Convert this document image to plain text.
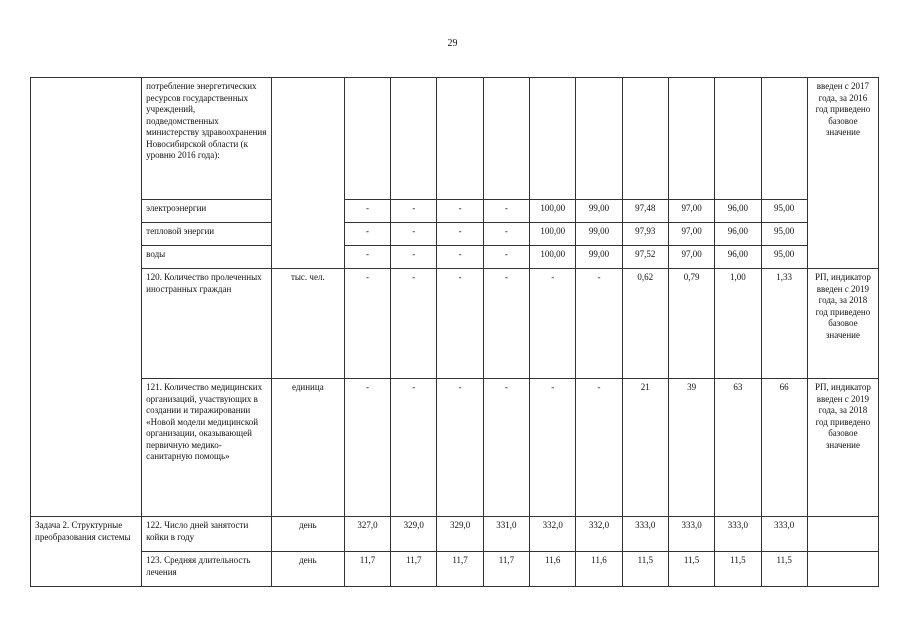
29
	потребление энергетических ресурсов государственных учреждений, подведомственных министерству здравоохранения Новосибирской области (к уровню 2016 года):												введен с 2017 года, за 2016 год приведено базовое значение
	электроэнергии		-	-	-	-	100,00	99,00	97,48	97,00	96,00	95,00	
	тепловой энергии		-	-	-	-	100,00	99,00	97,93	97,00	96,00	95,00	
	воды		-	-	-	-	100,00	99,00	97,52	97,00	96,00	95,00	
	120. Количество пролеченных иностранных граждан	тыс. чел.	-	-	-	-	-	-	0,62	0,79	1,00	1,33	РП, индикатор введен с 2019 года, за 2018 год приведено базовое значение
	121. Количество медицинских организаций, участвующих в создании и тиражировании «Новой модели медицинской организации, оказывающей первичную медико-санитарную помощь»	единица	-	-	-	-	-	-	21	39	63	66	РП, индикатор введен с 2019 года, за 2018 год приведено базовое значение
Задача 2. Структурные преобразования системы	122. Число дней занятости койки в году	день	327,0	329,0	329,0	331,0	332,0	332,0	333,0	333,0	333,0	333,0	
	123. Средняя длительность лечения	день	11,7	11,7	11,7	11,7	11,6	11,6	11,5	11,5	11,5	11,5	
